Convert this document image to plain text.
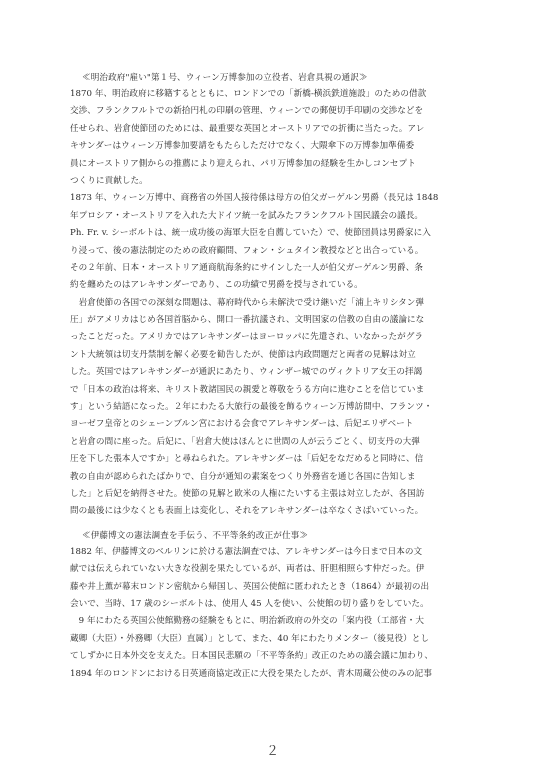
≪明治政府"雇い"第１号、ウィーン万博参加の立役者、岩倉具視の通訳≫
1870 年、明治政府に移籍するとともに、ロンドンでの「新橋-横浜鉄道施設」のための借款
交渉、フランクフルトでの新拾円札の印刷の管理、ウィーンでの郵便切手印刷の交渉などを
任せられ、岩倉使節団のためには、最重要な英国とオーストリアでの折衝に当たった。アレ
キサンダーはウィーン万博参加要請をもたらしただけでなく、大隈傘下の万博参加準備委
員にオーストリア側からの推薦により迎えられ、パリ万博参加の経験を生かしコンセプト
つくりに貢献した。
1873 年、ウィーン万博中、商務省の外国人接待係は母方の伯父ガーゲルン男爵（長兄は 1848
年プロシア・オーストリアを入れた大ドイツ統一を試みたフランクフルト国民議会の議長。
Ph. Fr. v. シーボルトは、統一成功後の海軍大臣を自薦していた）で、使節団員は男爵家に入
り浸って、後の憲法制定のための政府顧問、フォン・シュタイン教授などと出合っている。
その２年前、日本・オーストリア通商航海条約にサインした一人が伯父ガーゲルン男爵、条
約を纏めたのはアレキサンダーであり、この功績で男爵を授与されている。
　岩倉使節の各国での深刻な問題は、幕府時代から未解決で受け継いだ「浦上キリシタン弾
圧」がアメリカはじめ各国首脳から、開口一番抗議され、文明国家の信教の自由の議論にな
ったことだった。アメリカではアレキサンダーはヨーロッパに先遣され、いなかったがグラ
ント大統領は切支丹禁制を解く必要を勧告したが、使節は内政問題だと両者の見解は対立
した。英国ではアレキサンダーが通訳にあたり、ウィンザー城でのヴィクトリア女王の拝謁
で「日本の政治は将来、キリスト教諸国民の親愛と尊敬をうる方向に進むことを信じていま
す」という結語になった。２年にわたる大旅行の最後を飾るウィーン万博訪問中、フランツ・
ヨーゼフ皇帝とのシェーンブルン宮における会食でアレキサンダーは、后妃エリザベート
と岩倉の間に座った。后妃に、「岩倉大使はほんとに世間の人が云うごとく、切支丹の大弾
圧を下した張本人ですか」と尋ねられた。アレキサンダーは「后妃をなだめると同時に、信
教の自由が認められたばかりで、自分が通知の素案をつくり外務省を通じ各国に告知しま
した」と后妃を納得させた。使節の見解と欧米の人権にたいする主張は対立したが、各国訪
問の最後には少なくとも表面上は変化し、それをアレキサンダーは卒なくさばいていった。
≪伊藤博文の憲法調査を手伝う、不平等条約改正が仕事≫
1882 年、伊藤博文のベルリンに於ける憲法調査では、アレキサンダーは今日まで日本の文
献では伝えられていない大きな役割を果たしているが、両者は、肝胆相照らす仲だった。伊
藤や井上薫が幕末ロンドン密航から帰国し、英国公使館に匿われたとき（1864）が最初の出
会いで、当時、17 歳のシーボルトは、使用人 45 人を使い、公使館の切り盛りをしていた。
　9 年にわたる英国公使館勤務の経験をもとに、明治新政府の外交の「案内役（工部省・大
蔵卿（大臣）・外務卿（大臣）直属）」として、また、40 年にわたりメンター（後見役）とし
てしずかに日本外交を支えた。日本国民悲願の「不平等条約」改正のための議会議に加わり、
1894 年のロンドンにおける日英通商協定改正に大役を果たしたが、青木周蔵公使のみの記事
２
